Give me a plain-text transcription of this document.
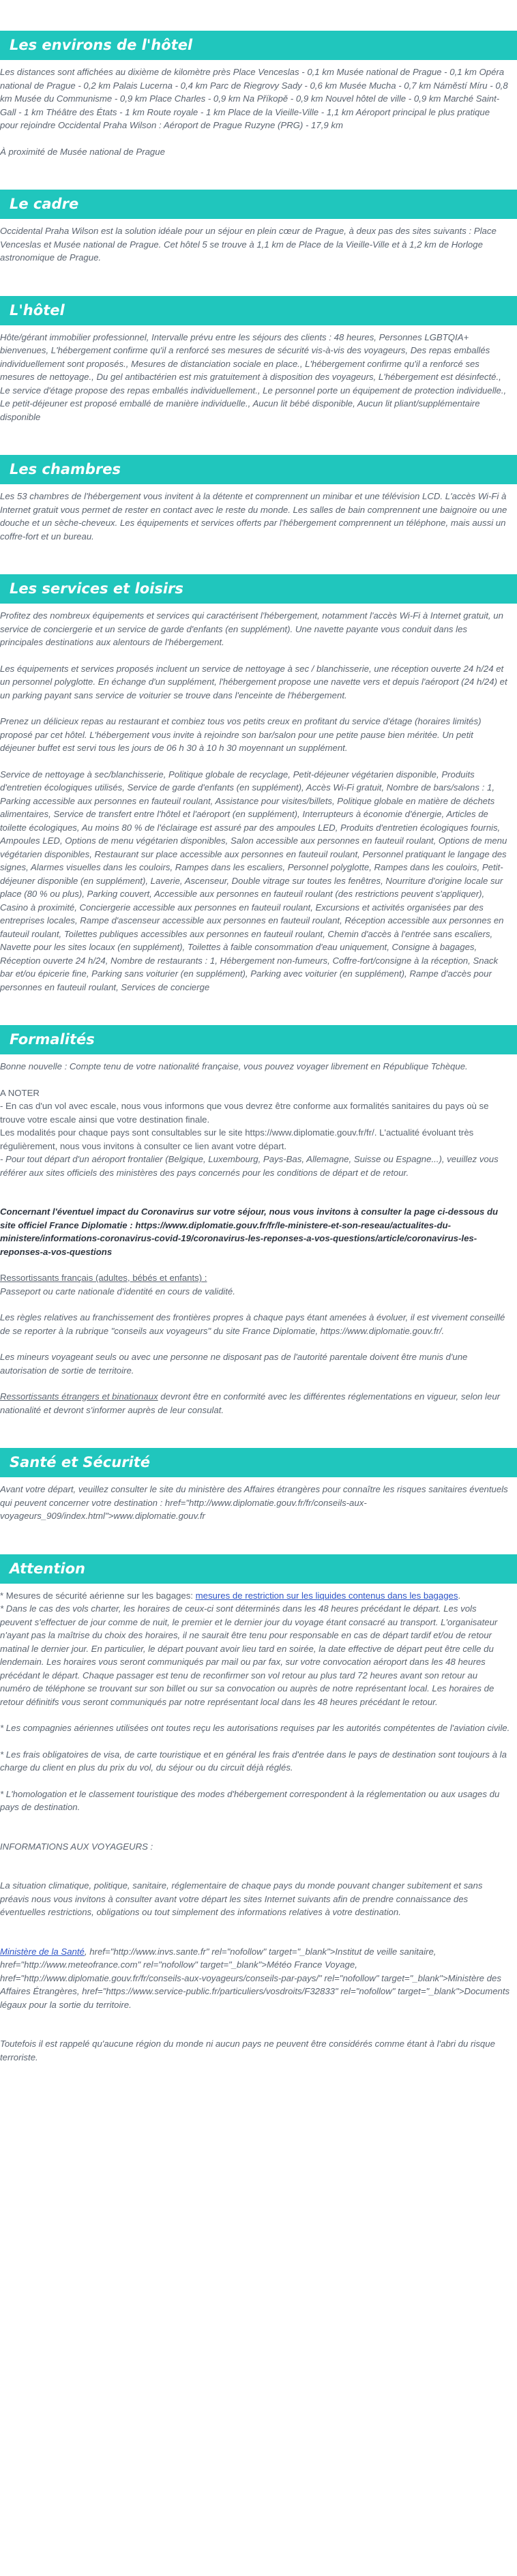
Les environs de l'hôtel

Les distances sont affichées au dixième de kilomètre près Place Venceslas - 0,1 km Musée national de Prague - 0,1 km Opéra national de Prague - 0,2 km Palais Lucerna - 0,4 km Parc de Riegrovy Sady - 0,6 km Musée Mucha - 0,7 km Náměstí Míru - 0,8 km Musée du Communisme - 0,9 km Place Charles - 0,9 km Na Příkopě - 0,9 km Nouvel hôtel de ville - 0,9 km Marché Saint-Gall - 1 km Théâtre des États - 1 km Route royale - 1 km Place de la Vieille-Ville - 1,1 km Aéroport principal le plus pratique pour rejoindre Occidental Praha Wilson : Aéroport de Prague Ruzyne (PRG) - 17,9 km

À proximité de Musée national de Prague

Le cadre

Occidental Praha Wilson est la solution idéale pour un séjour en plein cœur de Prague, à deux pas des sites suivants : Place Venceslas et Musée national de Prague. Cet hôtel 5 se trouve à 1,1 km de Place de la Vieille-Ville et à 1,2 km de Horloge astronomique de Prague.

L'hôtel

Hôte/gérant immobilier professionnel, Intervalle prévu entre les séjours des clients : 48 heures, Personnes LGBTQIA+ bienvenues, L'hébergement confirme qu'il a renforcé ses mesures de sécurité vis-à-vis des voyageurs, Des repas emballés individuellement sont proposés., Mesures de distanciation sociale en place., L'hébergement confirme qu'il a renforcé ses mesures de nettoyage., Du gel antibactérien est mis gratuitement à disposition des voyageurs, L'hébergement est désinfecté., Le service d'étage propose des repas emballés individuellement., Le personnel porte un équipement de protection individuelle., Le petit-déjeuner est proposé emballé de manière individuelle., Aucun lit bébé disponible, Aucun lit pliant/supplémentaire disponible

Les chambres

Les 53 chambres de l'hébergement vous invitent à la détente et comprennent un minibar et une télévision LCD. L'accès Wi-Fi à Internet gratuit vous permet de rester en contact avec le reste du monde. Les salles de bain comprennent une baignoire ou une douche et un sèche-cheveux. Les équipements et services offerts par l'hébergement comprennent un téléphone, mais aussi un coffre-fort et un bureau.

Les services et loisirs

Profitez des nombreux équipements et services qui caractérisent l'hébergement, notamment l'accès Wi-Fi à Internet gratuit, un service de conciergerie et un service de garde d'enfants (en supplément). Une navette payante vous conduit dans les principales destinations aux alentours de l'hébergement.

Les équipements et services proposés incluent un service de nettoyage à sec / blanchisserie, une réception ouverte 24 h/24 et un personnel polyglotte. En échange d'un supplément, l'hébergement propose une navette vers et depuis l'aéroport (24 h/24) et un parking payant sans service de voiturier se trouve dans l'enceinte de l'hébergement.

Prenez un délicieux repas au restaurant et combiez tous vos petits creux en profitant du service d'étage (horaires limités) proposé par cet hôtel. L'hébergement vous invite à rejoindre son bar/salon pour une petite pause bien méritée. Un petit déjeuner buffet est servi tous les jours de 06 h 30 à 10 h 30 moyennant un supplément.

Service de nettoyage à sec/blanchisserie, Politique globale de recyclage, Petit-déjeuner végétarien disponible, Produits d'entretien écologiques utilisés, Service de garde d'enfants (en supplément), Accès Wi-Fi gratuit, Nombre de bars/salons : 1, Parking accessible aux personnes en fauteuil roulant, Assistance pour visites/billets, Politique globale en matière de déchets alimentaires, Service de transfert entre l'hôtel et l'aéroport (en supplément), Interrupteurs à économie d'énergie, Articles de toilette écologiques, Au moins 80 % de l'éclairage est assuré par des ampoules LED, Produits d'entretien écologiques fournis, Ampoules LED, Options de menu végétarien disponibles, Salon accessible aux personnes en fauteuil roulant, Options de menu végétarien disponibles, Restaurant sur place accessible aux personnes en fauteuil roulant, Personnel pratiquant le langage des signes, Alarmes visuelles dans les couloirs, Rampes dans les escaliers, Personnel polyglotte, Rampes dans les couloirs, Petit-déjeuner disponible (en supplément), Laverie, Ascenseur, Double vitrage sur toutes les fenêtres, Nourriture d'origine locale sur place (80 % ou plus), Parking couvert, Accessible aux personnes en fauteuil roulant (des restrictions peuvent s'appliquer), Casino à proximité, Conciergerie accessible aux personnes en fauteuil roulant, Excursions et activités organisées par des entreprises locales, Rampe d'ascenseur accessible aux personnes en fauteuil roulant, Réception accessible aux personnes en fauteuil roulant, Toilettes publiques accessibles aux personnes en fauteuil roulant, Chemin d'accès à l'entrée sans escaliers, Navette pour les sites locaux (en supplément), Toilettes à faible consommation d'eau uniquement, Consigne à bagages, Réception ouverte 24 h/24, Nombre de restaurants : 1, Hébergement non-fumeurs, Coffre-fort/consigne à la réception, Snack bar et/ou épicerie fine, Parking sans voiturier (en supplément), Parking avec voiturier (en supplément), Rampe d'accès pour personnes en fauteuil roulant, Services de concierge

Formalités

Bonne nouvelle : Compte tenu de votre nationalité française, vous pouvez voyager librement en République Tchèque.

A NOTER
- En cas d'un vol avec escale, nous vous informons que vous devrez être conforme aux formalités sanitaires du pays où se trouve votre escale ainsi que votre destination finale.
Les modalités pour chaque pays sont consultables sur le site https://www.diplomatie.gouv.fr/fr/. L'actualité évoluant très régulièrement, nous vous invitons à consulter ce lien avant votre départ.

- Pour tout départ d'un aéroport frontalier (Belgique, Luxembourg, Pays-Bas, Allemagne, Suisse ou Espagne...), veuillez vous référer aux sites officiels des ministères des pays concernés pour les conditions de départ et de retour.

Concernant l'éventuel impact du Coronavirus sur votre séjour, nous vous invitons à consulter la page ci-dessous du site officiel France Diplomatie : https://www.diplomatie.gouv.fr/fr/le-ministere-et-son-reseau/actualites-du-ministere/informations-coronavirus-covid-19/coronavirus-les-reponses-a-vos-questions/article/coronavirus-les-reponses-a-vos-questions

Ressortissants français (adultes, bébés et enfants) :

Passeport ou carte nationale d'identité en cours de validité.

Les règles relatives au franchissement des frontières propres à chaque pays étant amenées à évoluer, il est vivement conseillé de se reporter à la rubrique "conseils aux voyageurs" du site France Diplomatie, https://www.diplomatie.gouv.fr/.

Les mineurs voyageant seuls ou avec une personne ne disposant pas de l'autorité parentale doivent être munis d'une autorisation de sortie de territoire.

Ressortissants étrangers et binationaux devront être en conformité avec les différentes réglementations en vigueur, selon leur nationalité et devront s'informer auprès de leur consulat.

Santé et Sécurité

Avant votre départ, veuillez consulter le site du ministère des Affaires étrangères pour connaître les risques sanitaires éventuels qui peuvent concerner votre destination : href="http://www.diplomatie.gouv.fr/fr/conseils-aux-voyageurs_909/index.html">www.diplomatie.gouv.fr

Attention
* Mesures de sécurité aérienne sur les bagages: mesures de restriction sur les liquides contenus dans les bagages.

* Dans le cas des vols charter, les horaires de ceux-ci sont déterminés dans les 48 heures précédant le départ. Les vols peuvent s'effectuer de jour comme de nuit, le premier et le dernier jour du voyage étant consacré au transport. L'organisateur n'ayant pas la maîtrise du choix des horaires, il ne saurait être tenu pour responsable en cas de départ tardif et/ou de retour matinal le dernier jour. En particulier, le départ pouvant avoir lieu tard en soirée, la date effective de départ peut être celle du lendemain. Les horaires vous seront communiqués par mail ou par fax, sur votre convocation aéroport dans les 48 heures précédant le départ. Chaque passager est tenu de reconfirmer son vol retour au plus tard 72 heures avant son retour au numéro de téléphone se trouvant sur son billet ou sur sa convocation ou auprès de notre représentant local. Les horaires de retour définitifs vous seront communiqués par notre représentant local dans les 48 heures précédant le retour.

* Les compagnies aériennes utilisées ont toutes reçu les autorisations requises par les autorités compétentes de l'aviation civile.

* Les frais obligatoires de visa, de carte touristique et en général les frais d'entrée dans le pays de destination sont toujours à la charge du client en plus du prix du vol, du séjour ou du circuit déjà réglés.

* L'homologation et le classement touristique des modes d'hébergement correspondent à la réglementation ou aux usages du pays de destination.

INFORMATIONS AUX VOYAGEURS :

La situation climatique, politique, sanitaire, réglementaire de chaque pays du monde pouvant changer subitement et sans préavis nous vous invitons à consulter avant votre départ les sites Internet suivants afin de prendre connaissance des éventuelles restrictions, obligations ou tout simplement des informations relatives à votre destination.

Ministère de la Santé, href="http://www.invs.sante.fr" rel="nofollow" target="_blank">Institut de veille sanitaire, href="http://www.meteofrance.com" rel="nofollow" target="_blank">Météo France Voyage, href="http://www.diplomatie.gouv.fr/fr/conseils-aux-voyageurs/conseils-par-pays/" rel="nofollow" target="_blank">Ministère des Affaires Étrangères, href="https://www.service-public.fr/particuliers/vosdroits/F32833" rel="nofollow" target="_blank">Documents légaux pour la sortie du territoire.

Toutefois il est rappelé qu'aucune région du monde ni aucun pays ne peuvent être considérés comme étant à l'abri du risque terroriste.
